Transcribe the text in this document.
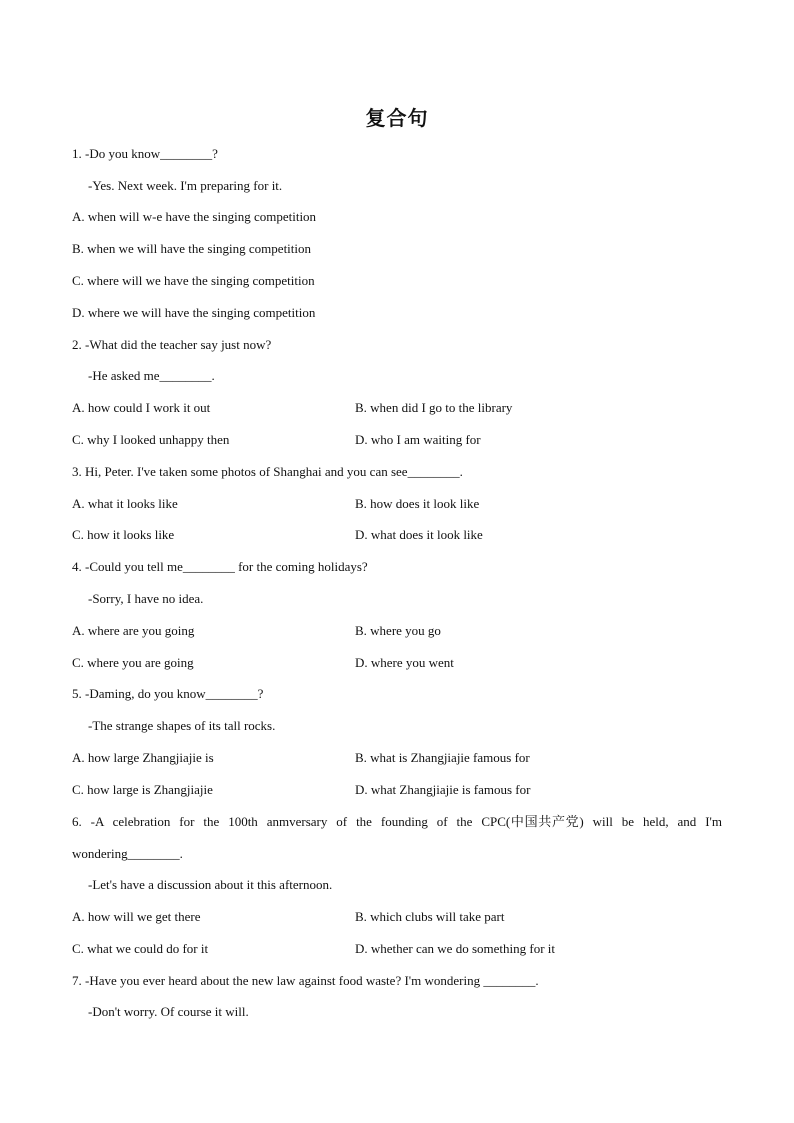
复合句
1. -Do you know________?
-Yes. Next week. I'm preparing for it.
A. when will w-e have the singing competition
B. when we will have the singing competition
C. where will we have the singing competition
D. where we will have the singing competition
2. -What did the teacher say just now?
-He asked me________.
A. how could I work it out	B. when did I go to the library
C. why I looked unhappy then	D. who I am waiting for
3. Hi, Peter. I've taken some photos of Shanghai and you can see________.
A. what it looks like	B. how does it look like
C. how it looks like	D. what does it look like
4. -Could you tell me________ for the coming holidays?
-Sorry, I have no idea.
A. where are you going	B. where you go
C. where you are going	D. where you went
5. -Daming, do you know________?
-The strange shapes of its tall rocks.
A. how large Zhangjiajie is	B. what is Zhangjiajie famous for
C. how large is Zhangjiajie	D. what Zhangjiajie is famous for
6. -A celebration for the 100th anmversary of the founding of the CPC(中国共产党) will be held, and I'm
wondering________.
-Let's have a discussion about it this afternoon.
A. how will we get there	B. which clubs will take part
C. what we could do for it	D. whether can we do something for it
7. -Have you ever heard about the new law against food waste? I'm wondering ________.
-Don't worry. Of course it will.
